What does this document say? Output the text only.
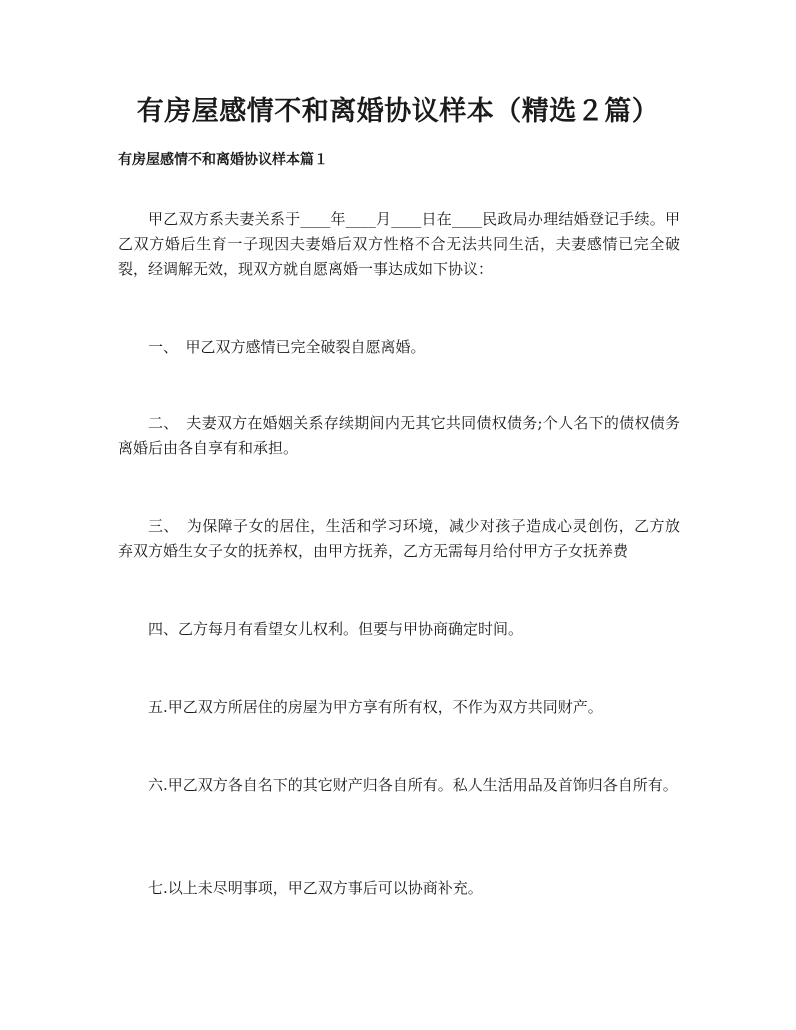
有房屋感情不和离婚协议样本（精选２篇）
有房屋感情不和离婚协议样本篇１

甲乙双方系夫妻关系于____年____月____日在____民政局办理结婚登记手续。甲乙双方婚后生育一子现因夫妻婚后双方性格不合无法共同生活，夫妻感情已完全破裂，经调解无效，现双方就自愿离婚一事达成如下协议：

一、　甲乙双方感情已完全破裂自愿离婚。

二、　夫妻双方在婚姻关系存续期间内无其它共同债权债务;个人名下的债权债务离婚后由各自享有和承担。

三、　为保障子女的居住，生活和学习环境，减少对孩子造成心灵创伤，乙方放弃双方婚生女子女的抚养权，由甲方抚养，乙方无需每月给付甲方子女抚养费

四、乙方每月有看望女儿权利。但要与甲协商确定时间。

五.甲乙双方所居住的房屋为甲方享有所有权，不作为双方共同财产。

六.甲乙双方各自名下的其它财产归各自所有。私人生活用品及首饰归各自所有。

七.以上未尽明事项，甲乙双方事后可以协商补充。
